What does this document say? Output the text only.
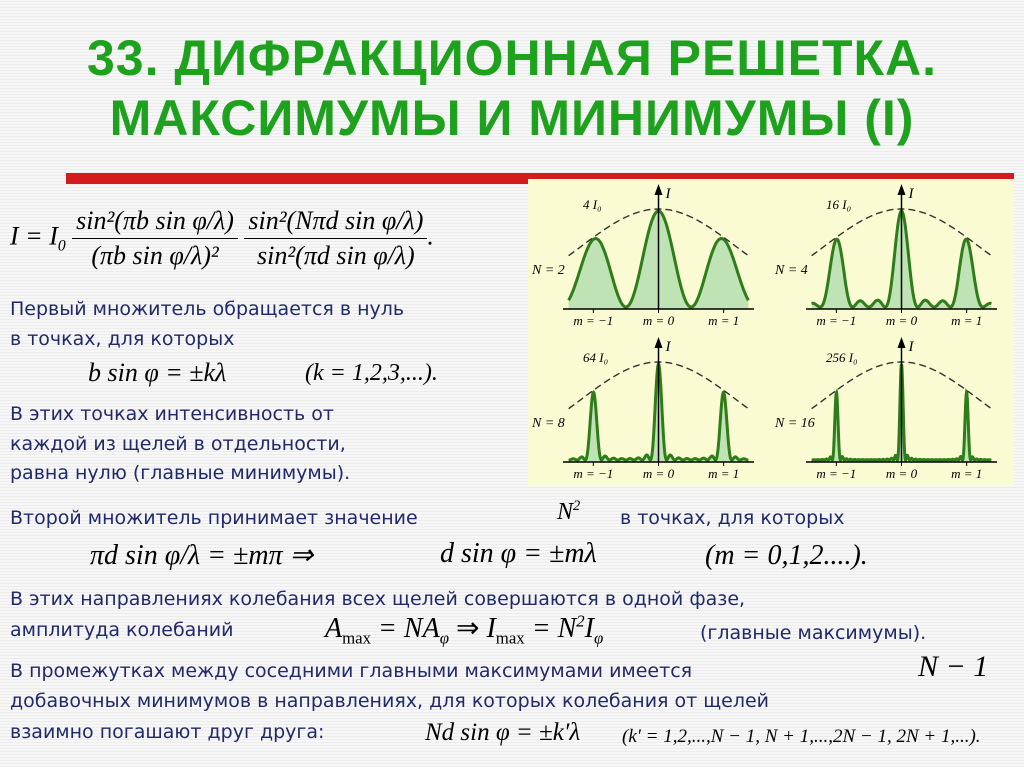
33. ДИФРАКЦИОННАЯ РЕШЕТКА.
МАКСИМУМЫ И МИНИМУМЫ (I)
$I = I_0 \frac{\text{sin²(πb sin φ/λ)}}{\text{(πb sin φ/λ)²}}$
$\frac{\text{sin²(Nπd sin φ/λ)}}{\text{sin²(πd sin φ/λ)}}$ .
Первый множитель обращается в нуль
в точках, для которых
b sin φ = ±kλ	(k = 1,2,3,...).
В этих точках интенсивность от
каждой из щелей в отдельности,
равна нулю (главные минимумы).
I
4 I₀
N = 2
m = −1 m = 0	m = 1
I
16 I₀
N = 4
m = −1 m = 0	m = 1
I
64 I₀
N = 8
m = −1 m = 0	m = 1
I
256 I₀
N = 16
m = −1 m = 0	m = 1
Второй множитель принимает значение	$N^2$
в точках, для которых
πd sin φ/λ = ±mπ ⇒	d sin φ = ±mλ	(m = 0,1,2....).
В этих направлениях колебания всех щелей совершаются в одной фазе,
амплитуда колебаний	$A_{max} = NA_\varphi$ ⇒ $I_{max} = N^2I_\varphi$	(главные максимумы).
В промежутках между соседними главными максимумами имеется	N − 1
добавочных минимумов в направлениях, для которых колебания от щелей
взаимно погашают друг друга:	Nd sin φ = ±k′λ (k′ = 1,2,...,N − 1, N + 1,...,2N − 1, 2N + 1,...).
